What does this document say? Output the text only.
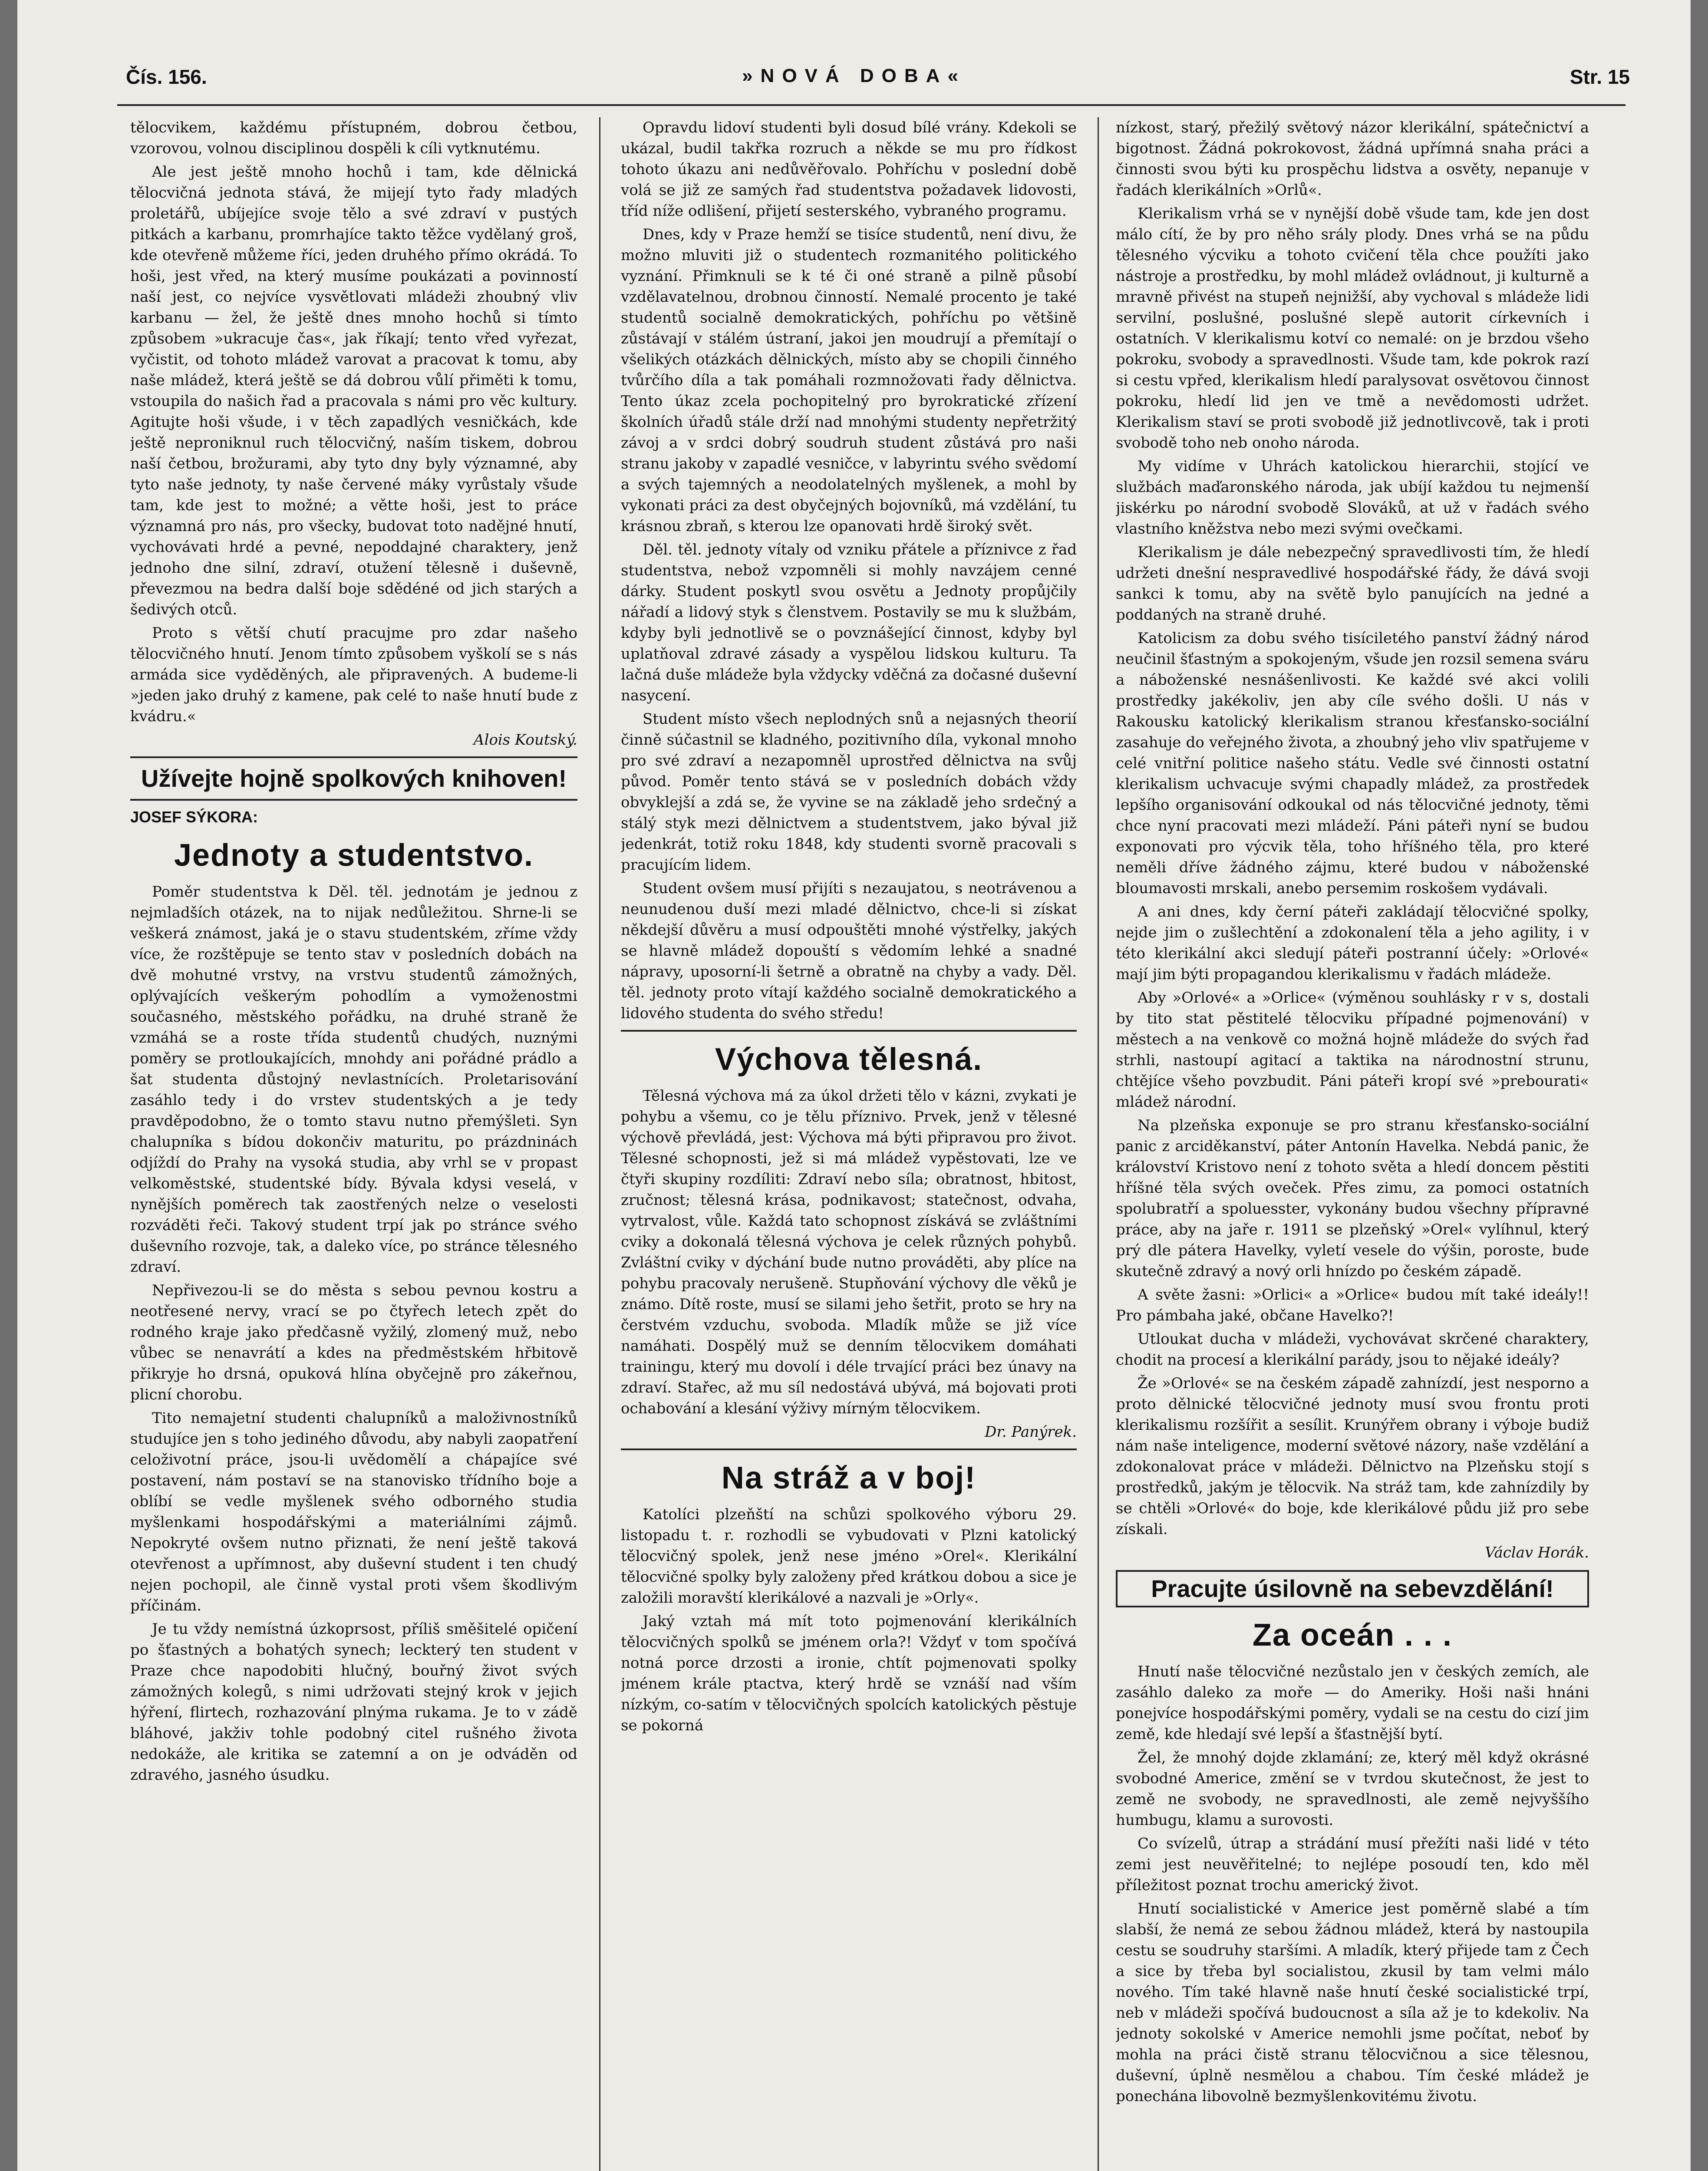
Čís. 156.	»NOVÁ DOBA«	Str. 15

tělocvikem, každému přístupném, dobrou četbou, vzorovou, volnou disciplinou dospěli k cíli vytknutému.

Ale jest ještě mnoho hochů i tam, kde dělnická tělocvičná jednota stává, že mijejí tyto řady mladých proletářů, ubíjejíce svoje tělo a své zdraví v pustých pitkách a karbanu, promrhajíce takto těžce vydělaný groš, kde otevřeně můžeme říci, jeden druhého přímo okrádá. To hoši, jest vřed, na který musíme poukázati a povinností naší jest, co nejvíce vysvětlovati mládeži zhoubný vliv karbanu — žel, že ještě dnes mnoho hochů si tímto způsobem »ukracuje čas«, jak říkají; tento vřed vyřezat, vyčistit, od tohoto mládež varovat a pracovat k tomu, aby naše mládež, která ještě se dá dobrou vůlí přiměti k tomu, vstoupila do našich řad a pracovala s námi pro věc kultury. Agitujte hoši všude, i v těch zapadlých vesničkách, kde ještě neproniknul ruch tělocvičný, naším tiskem, dobrou naší četbou, brožurami, aby tyto dny byly významné, aby tyto naše jednoty, ty naše červené máky vyrůstaly všude tam, kde jest to možné; a větte hoši, jest to práce významná pro nás, pro všecky, budovat toto nadějné hnutí, vychovávati hrdé a pevné, nepoddajné charaktery, jenž jednoho dne silní, zdraví, otužení tělesně i duševně, převezmou na bedra další boje sdědéné od jich starých a šedivých otců.

Proto s větší chutí pracujme pro zdar našeho tělocvičného hnutí. Jenom tímto způsobem vyškolí se s nás armáda sice vyděděných, ale připravených. A budeme-li »jeden jako druhý z kamene, pak celé to naše hnutí bude z kvádru.«

Alois Koutský.
Užívejte hojně spolkových knihoven!
JOSEF SÝKORA:
Jednoty a studentstvo.

Poměr studentstva k Děl. těl. jednotám je jednou z nejmladších otázek, na to nijak nedůležitou. Shrne-li se veškerá známost, jaká je o stavu studentském, zříme vždy více, že rozštěpuje se tento stav v posledních dobách na dvě mohutné vrstvy, na vrstvu studentů zámožných, oplývajících veškerým pohodlím a vymoženostmi současného, městského pořádku, na druhé straně že vzmáhá se a roste třída studentů chudých, nuznými poměry se protloukajících, mnohdy ani pořádné prádlo a šat studenta důstojný nevlastnících. Proletarisování zasáhlo tedy i do vrstev studentských a je tedy pravděpodobno, že o tomto stavu nutno přemýšleti. Syn chalupníka s bídou dokončiv maturitu, po prázdninách odjíždí do Prahy na vysoká studia, aby vrhl se v propast velkoměstské, studentské bídy. Bývala kdysi veselá, v nynějších poměrech tak zaostřených nelze o veselosti rozváděti řeči. Takový student trpí jak po stránce svého duševního rozvoje, tak, a daleko více, po stránce tělesného zdraví.

Nepřivezou-li se do města s sebou pevnou kostru a neotřesené nervy, vrací se po čtyřech letech zpět do rodného kraje jako předčasně vyžilý, zlomený muž, nebo vůbec se nenavrátí a kdes na předměstském hřbitově přikryje ho drsná, opuková hlína obyčejně pro zákeřnou, plicní chorobu.

Tito nemajetní studenti chalupníků a maloživnostníků studujíce jen s toho jediného důvodu, aby nabyli zaopatření celoživotní práce, jsou-li uvědomělí a chápajíce své postavení, nám postaví se na stanovisko třídního boje a oblíbí se vedle myšlenek svého odborného studia myšlenkami hospodářskými a materiálními zájmů. Nepokryté ovšem nutno přiznati, že není ještě taková otevřenost a upřímnost, aby duševní student i ten chudý nejen pochopil, ale činně vystal proti všem škodlivým příčinám.

Je tu vždy nemístná úzkoprsost, příliš směšitelé opičení po šťastných a bohatých synech; leckterý ten student v Praze chce napodobiti hlučný, bouřný život svých zámožných kolegů, s nimi udržovati stejný krok v jejich hýření, flirtech, rozhazování plnýma rukama. Je to v zádě bláhové, jakživ tohle podobný citel rušného života nedokáže, ale kritika se zatemní a on je odváděn od zdravého, jasného úsudku.

Opravdu lidoví studenti byli dosud bílé vrány. Kdekoli se ukázal, budil takřka rozruch a někde se mu pro řídkost tohoto úkazu ani nedůvěřovalo. Pohříchu v poslední době volá se již ze samých řad studentstva požadavek lidovosti, tříd níže odlišení, přijetí sesterského, vybraného programu.

Dnes, kdy v Praze hemží se tisíce studentů, není divu, že možno mluviti již o studentech rozmanitého politického vyznání. Přimknuli se k té či oné straně a pilně působí vzdělavatelnou, drobnou činností. Nemalé procento je také studentů socialně demokratických, pohříchu po většině zůstávají v stálém ústraní, jakoi jen moudrují a přemítají o všelikých otázkách dělnických, místo aby se chopili činného tvůrčího díla a tak pomáhali rozmnožovati řady dělnictva. Tento úkaz zcela pochopitelný pro byrokratické zřízení školních úřadů stále drží nad mnohými studenty nepřetržitý závoj a v srdci dobrý soudruh student zůstává pro naši stranu jakoby v zapadlé vesničce, v labyrintu svého svědomí a svých tajemných a neodolatelných myšlenek, a mohl by vykonati práci za dest obyčejných bojovníků, má vzdělání, tu krásnou zbraň, s kterou lze opanovati hrdě široký svět.

Děl. těl. jednoty vítaly od vzniku přátele a příznivce z řad studentstva, nebož vzpomněli si mohly navzájem cenné dárky. Student poskytl svou osvětu a Jednoty propůjčily nářadí a lidový styk s členstvem. Postavily se mu k službám, kdyby byli jednotlivě se o povznášející činnost, kdyby byl uplatňoval zdravé zásady a vyspělou lidskou kulturu. Ta lačná duše mládeže byla vždycky vděčná za dočasné duševní nasycení.

Student místo všech neplodných snů a nejasných theorií činně súčastnil se kladného, pozitivního díla, vykonal mnoho pro své zdraví a nezapomněl uprostřed dělnictva na svůj původ. Poměr tento stává se v posledních dobách vždy obvyklejší a zdá se, že vyvine se na základě jeho srdečný a stálý styk mezi dělnictvem a studentstvem, jako býval již jedenkrát, totiž roku 1848, kdy studenti svorně pracovali s pracujícím lidem.

Student ovšem musí přijíti s nezaujatou, s neotrávenou a neunudenou duší mezi mladé dělnictvo, chce-li si získat někdejší důvěru a musí odpouštěti mnohé výstřelky, jakých se hlavně mládež dopouští s vědomím lehké a snadné nápravy, uposorní-li šetrně a obratně na chyby a vady. Děl. těl. jednoty proto vítají každého socialně demokratického a lidového studenta do svého středu!

Výchova tělesná.

Tělesná výchova má za úkol držeti tělo v kázni, zvykati je pohybu a všemu, co je tělu příznivo. Prvek, jenž v tělesné výchově převládá, jest: Výchova má býti připravou pro život. Tělesné schopnosti, jež si má mládež vypěstovati, lze ve čtyři skupiny rozdíliti: Zdraví nebo síla; obratnost, hbitost, zručnost; tělesná krása, podnikavost; statečnost, odvaha, vytrvalost, vůle. Každá tato schopnost získává se zvláštními cviky a dokonalá tělesná výchova je celek různých pohybů. Zvláštní cviky v dýchání bude nutno prováděti, aby plíce na pohybu pracovaly nerušeně. Stupňování výchovy dle věků je známo. Dítě roste, musí se silami jeho šetřit, proto se hry na čerstvém vzduchu, svoboda. Mladík může se již více namáhati. Dospělý muž se denním tělocvikem domáhati trainingu, který mu dovolí i déle trvající práci bez únavy na zdraví. Stařec, až mu síl nedostává ubývá, má bojovati proti ochabování a klesání výživy mírným tělocvikem.

Dr. Panýrek.
Na stráž a v boj!

Katolíci plzeňští na schůzi spolkového výboru 29. listopadu t. r. rozhodli se vybudovati v Plzni katolický tělocvičný spolek, jenž nese jméno »Orel«. Klerikální tělocvičné spolky byly založeny před krátkou dobou a sice je založili moravští klerikálové a nazvali je »Orly«.

Jaký vztah má mít toto pojmenování klerikálních tělocvičných spolků se jménem orla?! Vždyť v tom spočívá notná porce drzosti a ironie, chtít pojmenovati spolky jménem krále ptactva, který hrdě se vznáší nad vším nízkým, co-satím v tělocvičných spolcích katolických pěstuje se pokorná

nízkost, starý, přežilý světový názor klerikální, spátečnictví a bigotnost. Žádná pokrokovost, žádná upřímná snaha práci a činnosti svou býti ku prospěchu lidstva a osvěty, nepanuje v řadách klerikálních »Orlů«.

Klerikalism vrhá se v nynější době všude tam, kde jen dost málo cítí, že by pro něho srály plody. Dnes vrhá se na půdu tělesného výcviku a tohoto cvičení těla chce použíti jako nástroje a prostředku, by mohl mládež ovládnout, ji kulturně a mravně přivést na stupeň nejnižší, aby vychoval s mládeže lidi servilní, poslušné, poslušné slepě autorit církevních i ostatních. V klerikalismu kotví co nemalé: on je brzdou všeho pokroku, svobody a spravedlnosti. Všude tam, kde pokrok razí si cestu vpřed, klerikalism hledí paralysovat osvětovou činnost pokroku, hledí lid jen ve tmě a nevědomosti udržet. Klerikalism staví se proti svobodě již jednotlivcově, tak i proti svobodě toho neb onoho národa.

My vidíme v Uhrách katolickou hierarchii, stojící ve službách maďaronského národa, jak ubíjí každou tu nejmenší jiskérku po národní svobodě Slováků, at už v řadách svého vlastního kněžstva nebo mezi svými ovečkami.

Klerikalism je dále nebezpečný spravedlivosti tím, že hledí udržeti dnešní nespravedlivé hospodářské řády, že dává svoji sankci k tomu, aby na světě bylo panujících na jedné a poddaných na straně druhé.

Katolicism za dobu svého tisíciletého panství žádný národ neučinil šťastným a spokojeným, všude jen rozsil semena sváru a náboženské nesnášenlivosti. Ke každé své akci volili prostředky jakékoliv, jen aby cíle svého došli. U nás v Rakousku katolický klerikalism stranou křesťansko-sociální zasahuje do veřejného života, a zhoubný jeho vliv spatřujeme v celé vnitřní politice našeho státu. Vedle své činnosti ostatní klerikalism uchvacuje svými chapadly mládež, za prostředek lepšího organisování odkoukal od nás tělocvičné jednoty, těmi chce nyní pracovati mezi mládeží. Páni páteři nyní se budou exponovati pro výcvik těla, toho hříšného těla, pro které neměli dříve žádného zájmu, které budou v náboženské bloumavosti mrskali, anebo persemim roskošem vydávali.

A ani dnes, kdy černí páteři zakládají tělocvičné spolky, nejde jim o zušlechtění a zdokonalení těla a jeho agility, i v této klerikální akci sledují páteři postranní účely: »Orlové« mají jim býti propagandou klerikalismu v řadách mládeže.

Aby »Orlové« a »Orlice« (výměnou souhlásky r v s, dostali by tito stat pěstitelé tělocviku případné pojmenování) v městech a na venkově co možná hojně mládeže do svých řad strhli, nastoupí agitací a taktika na národnostní strunu, chtějíce všeho povzbudit. Páni páteři kropí své »prebourati« mládež národní.

Na plzeňska exponuje se pro stranu křesťansko-sociální panic z arciděkanství, páter Antonín Havelka. Nebdá panic, že království Kristovo není z tohoto světa a hledí doncem pěstiti hříšné těla svých oveček. Přes zimu, za pomoci ostatních spolubratří a spoluesster, vykonány budou všechny přípravné práce, aby na jaře r. 1911 se plzeňský »Orel« vylíhnul, který prý dle pátera Havelky, vyletí vesele do výšin, poroste, bude skutečně zdravý a nový orli hnízdo po českém západě.

A světe žasni: »Orlici« a »Orlice« budou mít také ideály!! Pro pámbaha jaké, občane Havelko?!

Utloukat ducha v mládeži, vychovávat skrčené charaktery, chodit na procesí a klerikální parády, jsou to nějaké ideály?

Že »Orlové« se na českém západě zahnízdí, jest nesporno a proto dělnické tělocvičné jednoty musí svou frontu proti klerikalismu rozšířit a sesílit. Krunýřem obrany i výboje budiž nám naše inteligence, moderní světové názory, naše vzdělání a zdokonalovat práce v mládeži. Dělnictvo na Plzeňsku stojí s prostředků, jakým je tělocvik. Na stráž tam, kde zahnízdily by se chtěli »Orlové« do boje, kde klerikálové půdu již pro sebe získali.

Václav Horák.
Pracujte úsilovně na sebevzdělání!
Za oceán . . .

Hnutí naše tělocvičné nezůstalo jen v českých zemích, ale zasáhlo daleko za moře — do Ameriky. Hoši naši hnáni ponejvíce hospodářskými poměry, vydali se na cestu do cizí jim země, kde hledají své lepší a šťastnější bytí.

Žel, že mnohý dojde zklamání; ze, který měl když okrásné svobodné Americe, změní se v tvrdou skutečnost, že jest to země ne svobody, ne spravedlnosti, ale země nejvyššího humbugu, klamu a surovosti.

Co svízelů, útrap a strádání musí přežíti naši lidé v této zemi jest neuvěřitelné; to nejlépe posoudí ten, kdo měl příležitost poznat trochu americký život.

Hnutí socialistické v Americe jest poměrně slabé a tím slabší, že nemá ze sebou žádnou mládež, která by nastoupila cestu se soudruhy staršími. A mladík, který přijede tam z Čech a sice by třeba byl socialistou, zkusil by tam velmi málo nového. Tím také hlavně naše hnutí české socialistické trpí, neb v mládeži spočívá budoucnost a síla až je to kdekoliv. Na jednoty sokolské v Americe nemohli jsme počítat, neboť by mohla na práci čistě stranu tělocvičnou a sice tělesnou, duševní, úplně nesmělou a chabou. Tím české mládež je ponechána libovolně bezmyšlenkovitému životu.
